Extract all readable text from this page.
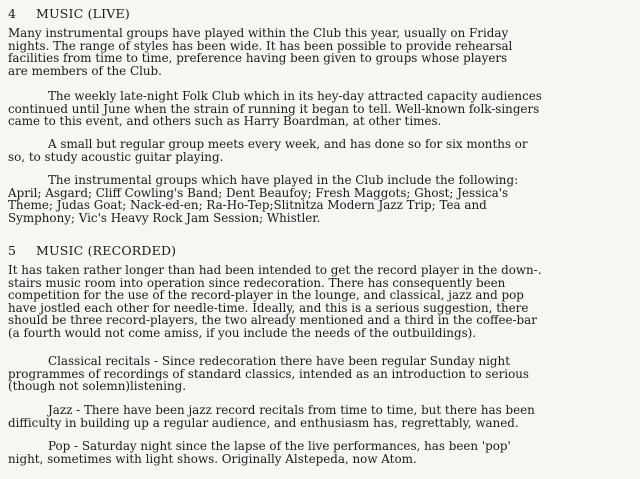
4 MUSIC (LIVE)
Many instrumental groups have played within the Club this year, usually on Friday
nights. The range of styles has been wide. It has been possible to provide rehearsal
facilities from time to time, preference having been given to groups whose players
are members of the Club.
The weekly late-night Folk Club which in its hey-day attracted capacity audiences
continued until June when the strain of running it began to tell. Well-known folk-singers
came to this event, and others such as Harry Boardman, at other times.
A small but regular group meets every week, and has done so for six months or
so, to study acoustic guitar playing.
The instrumental groups which have played in the Club include the following:
April; Asgard; Cliff Cowling's Band; Dent Beaufoy; Fresh Maggots; Ghost; Jessica's
Theme; Judas Goat; Nack-ed-en; Ra-Ho-Tep;Slitnitza Modern Jazz Trip; Tea and
Symphony; Vic's Heavy Rock Jam Session; Whistler.
5 MUSIC (RECORDED)
It has taken rather longer than had been intended to get the record player in the down-.
stairs music room into operation since redecoration. There has consequently been
competition for the use of the record-player in the lounge, and classical, jazz and pop
have jostled each other for needle-time. Ideally, and this is a serious suggestion, there
should be three record-players, the two already mentioned and a third in the coffee-bar
(a fourth would not come amiss, if you include the needs of the outbuildings).
Classical recitals - Since redecoration there have been regular Sunday night
programmes of recordings of standard classics, intended as an introduction to serious
(though not solemn)listening.
Jazz - There have been jazz record recitals from time to time, but there has been
difficulty in building up a regular audience, and enthusiasm has, regrettably, waned.
Pop - Saturday night since the lapse of the live performances, has been 'pop'
night, sometimes with light shows. Originally Alstepeda, now Atom.
